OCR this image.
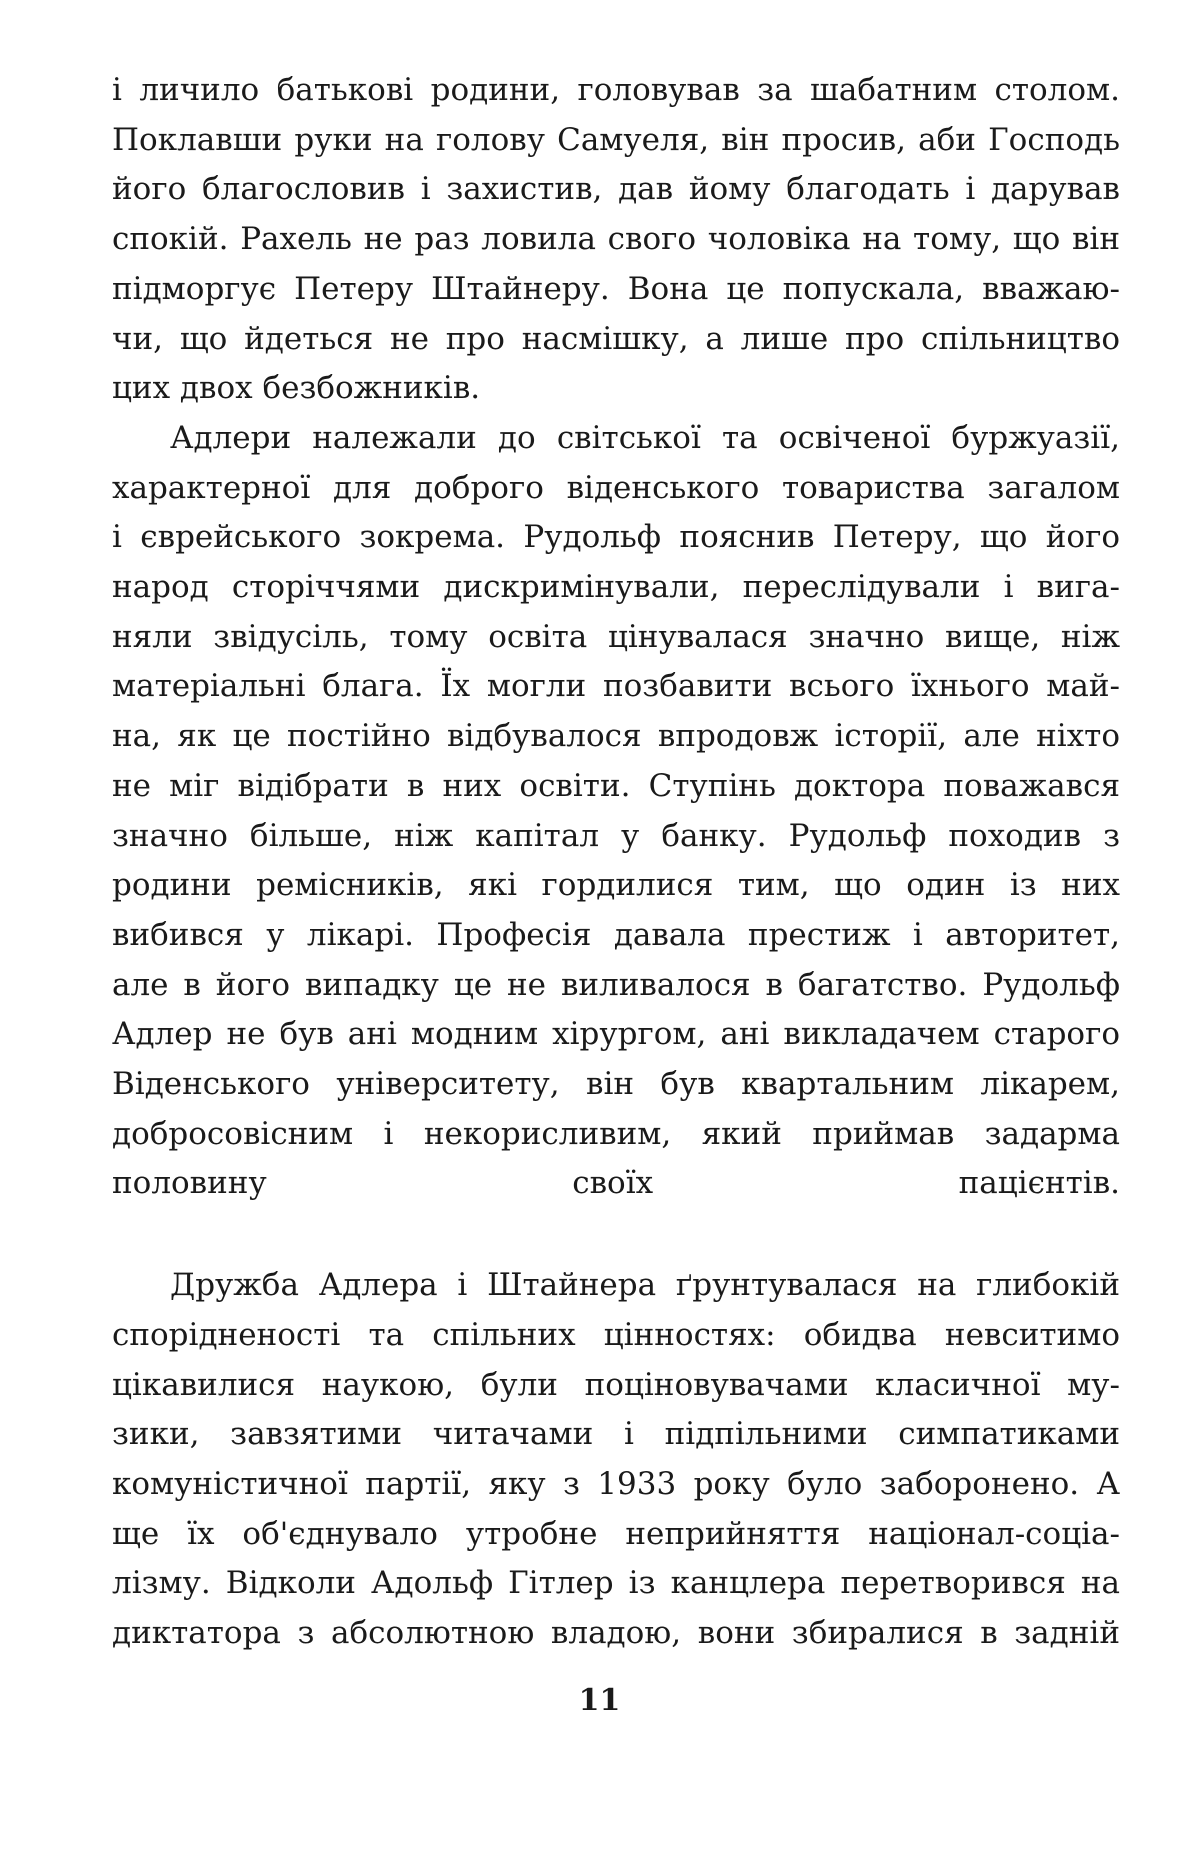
і личило батькові родини, головував за шабатним столом.
Поклавши руки на голову Самуеля, він просив, аби Господь
його благословив і захистив, дав йому благодать і дарував
спокій. Рахель не раз ловила свого чоловіка на тому, що він
підморгує Петеру Штайнеру. Вона це попускала, вважаю-
чи, що йдеться не про насмішку, а лише про спільництво
цих двох безбожників.

Адлери належали до світської та освіченої буржуазії,
характерної для доброго віденського товариства загалом
і єврейського зокрема. Рудольф пояснив Петеру, що його
народ сторіччями дискримінували, переслідували і вига-
няли звідусіль, тому освіта цінувалася значно вище, ніж
матеріальні блага. Їх могли позбавити всього їхнього май-
на, як це постійно відбувалося впродовж історії, але ніхто
не міг відібрати в них освіти. Ступінь доктора поважався
значно більше, ніж капітал у банку. Рудольф походив з
родини ремісників, які гордилися тим, що один із них
вибився у лікарі. Професія давала престиж і авторитет,
але в його випадку це не виливалося в багатство. Рудольф
Адлер не був ані модним хірургом, ані викладачем старого
Віденського університету, він був квартальним лікарем,
добросовісним і некорисливим, який приймав задарма
половину своїх пацієнтів.

Дружба Адлера і Штайнера ґрунтувалася на глибокій
спорідненості та спільних цінностях: обидва невситимо
цікавилися наукою, були поціновувачами класичної му-
зики, завзятими читачами і підпільними симпатиками
комуністичної партії, яку з 1933 року було заборонено. А
ще їх об'єднувало утробне неприйняття націонал-соціа-
лізму. Відколи Адольф Гітлер із канцлера перетворився на
диктатора з абсолютною владою, вони збиралися в задній

11
